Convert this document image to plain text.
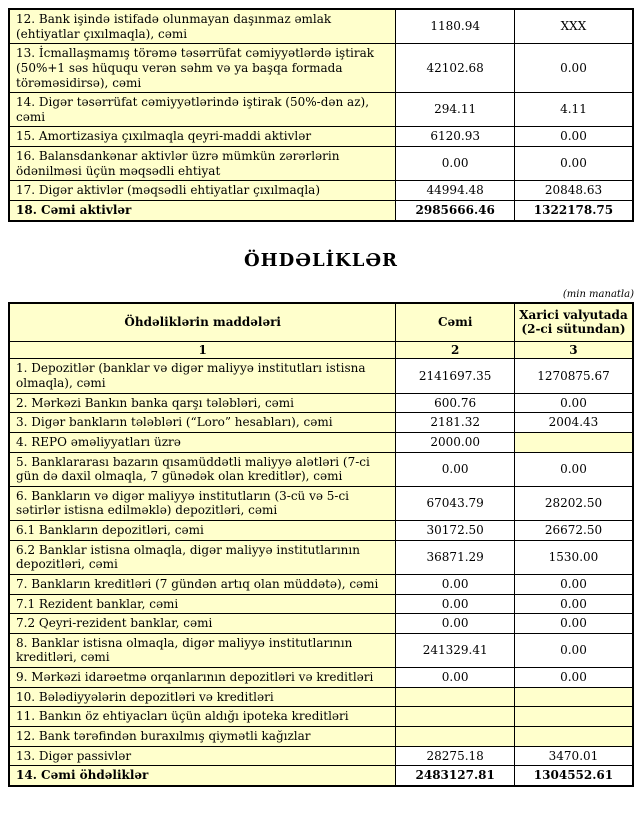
12. Bank işində istifadə olunmayan daşınmaz əmlak (ehtiyatlar çıxılmaqla), cəmi	1180.94	XXX
13. İcmallaşmamış törəmə təsərrüfat cəmiyyətlərdə iştirak (50%+1 səs hüququ verən səhm və ya başqa formada törəməsidirsə), cəmi	42102.68	0.00
14. Digər təsərrüfat cəmiyyətlərində iştirak (50%-dən az), cəmi	294.11	4.11
15. Amortizasiya çıxılmaqla qeyri-maddi aktivlər	6120.93	0.00
16. Balansdankənar aktivlər üzrə mümkün zərərlərin ödənilməsi üçün məqsədli ehtiyat	0.00	0.00
17. Digər aktivlər (məqsədli ehtiyatlar çıxılmaqla)	44994.48	20848.63
18. Cəmi aktivlər	2985666.46	1322178.75
ÖHDƏLİKLƏR
(min manatla)
Öhdəliklərin maddələri	Cəmi	Xarici valyutada (2-ci sütundan)
1	2	3
1. Depozitlər (banklar və digər maliyyə institutları istisna olmaqla), cəmi	2141697.35	1270875.67
2. Mərkəzi Bankın banka qarşı tələbləri, cəmi	600.76	0.00
3. Digər bankların tələbləri (“Loro” hesabları), cəmi	2181.32	2004.43
4. REPO əməliyyatları üzrə	2000.00	
5. Banklararası bazarın qısamüddətli maliyyə alətləri (7-ci gün də daxil olmaqla, 7 günədək olan kreditlər), cəmi	0.00	0.00
6. Bankların və digər maliyyə institutların (3-cü və 5-ci sətirlər istisna edilməklə) depozitləri, cəmi	67043.79	28202.50
6.1 Bankların depozitləri, cəmi	30172.50	26672.50
6.2 Banklar istisna olmaqla, digər maliyyə institutlarının depozitləri, cəmi	36871.29	1530.00
7. Bankların kreditləri (7 gündən artıq olan müddətə), cəmi	0.00	0.00
7.1 Rezident banklar, cəmi	0.00	0.00
7.2 Qeyri-rezident banklar, cəmi	0.00	0.00
8. Banklar istisna olmaqla, digər maliyyə institutlarının kreditləri, cəmi	241329.41	0.00
9. Mərkəzi idarəetmə orqanlarının depozitləri və kreditləri	0.00	0.00
10. Bələdiyyələrin depozitləri və kreditləri		
11. Bankın öz ehtiyacları üçün aldığı ipoteka kreditləri		
12. Bank tərəfindən buraxılmış qiymətli kağızlar		
13. Digər passivlər	28275.18	3470.01
14. Cəmi öhdəliklər	2483127.81	1304552.61
